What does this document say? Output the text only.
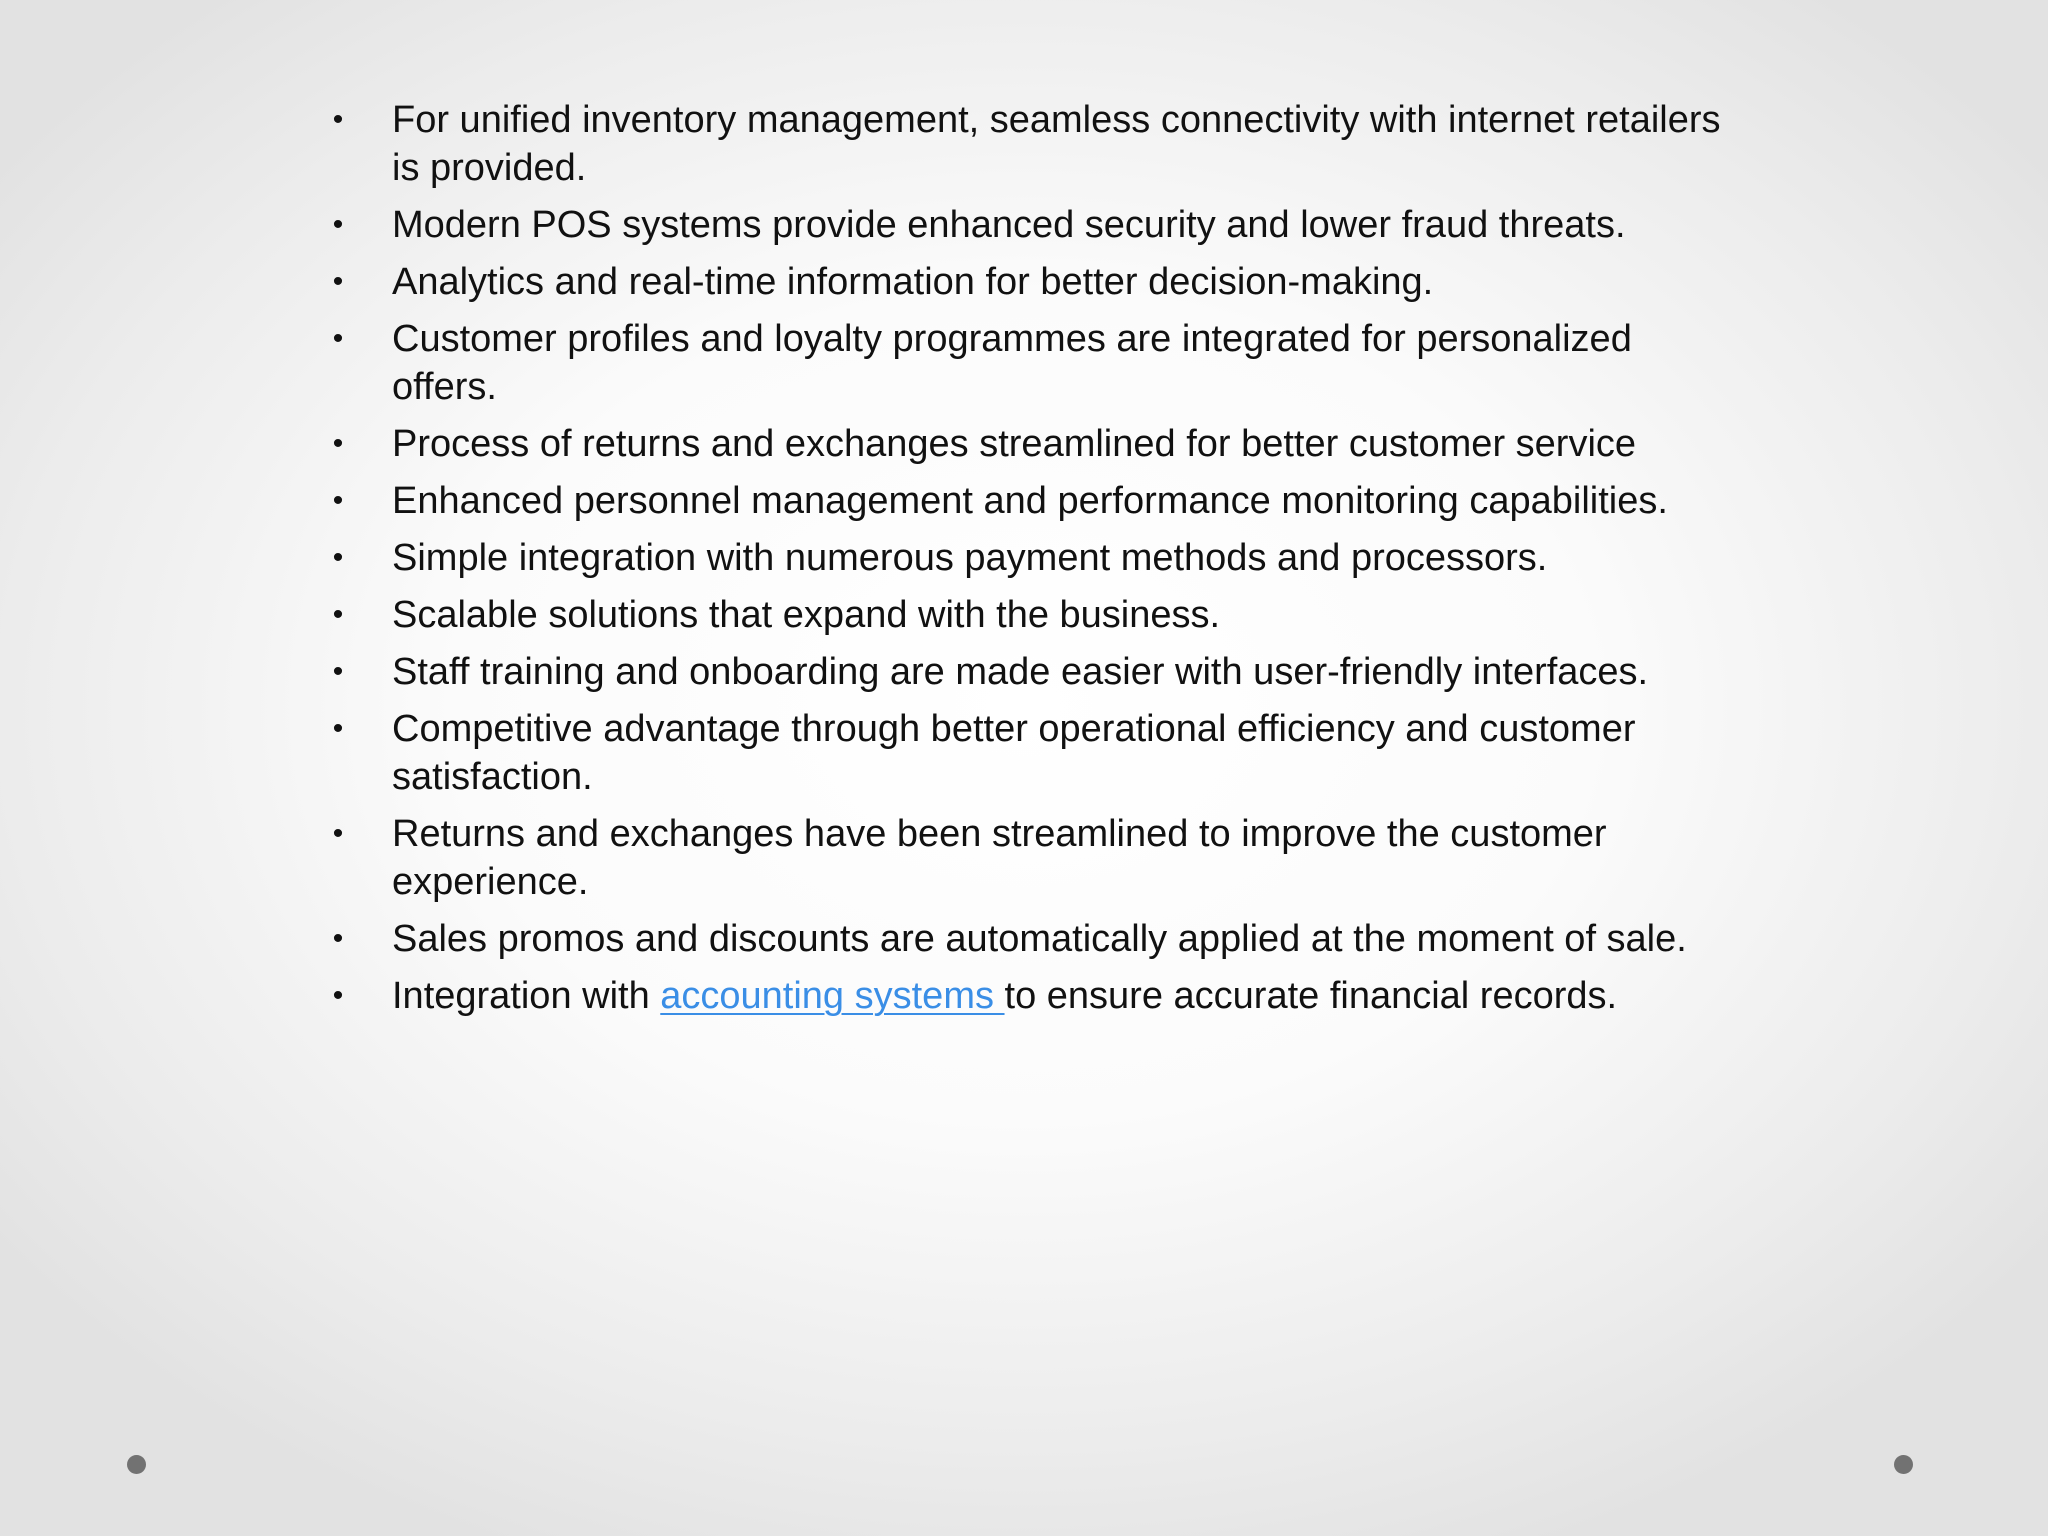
• For unified inventory management, seamless connectivity with internet retailers is provided.
• Modern POS systems provide enhanced security and lower fraud threats.
• Analytics and real-time information for better decision-making.
• Customer profiles and loyalty programmes are integrated for personalized offers.
• Process of returns and exchanges streamlined for better customer service
• Enhanced personnel management and performance monitoring capabilities.
• Simple integration with numerous payment methods and processors.
• Scalable solutions that expand with the business.
• Staff training and onboarding are made easier with user-friendly interfaces.
• Competitive advantage through better operational efficiency and customer satisfaction.
• Returns and exchanges have been streamlined to improve the customer experience.
• Sales promos and discounts are automatically applied at the moment of sale.
• Integration with accounting systems to ensure accurate financial records.
